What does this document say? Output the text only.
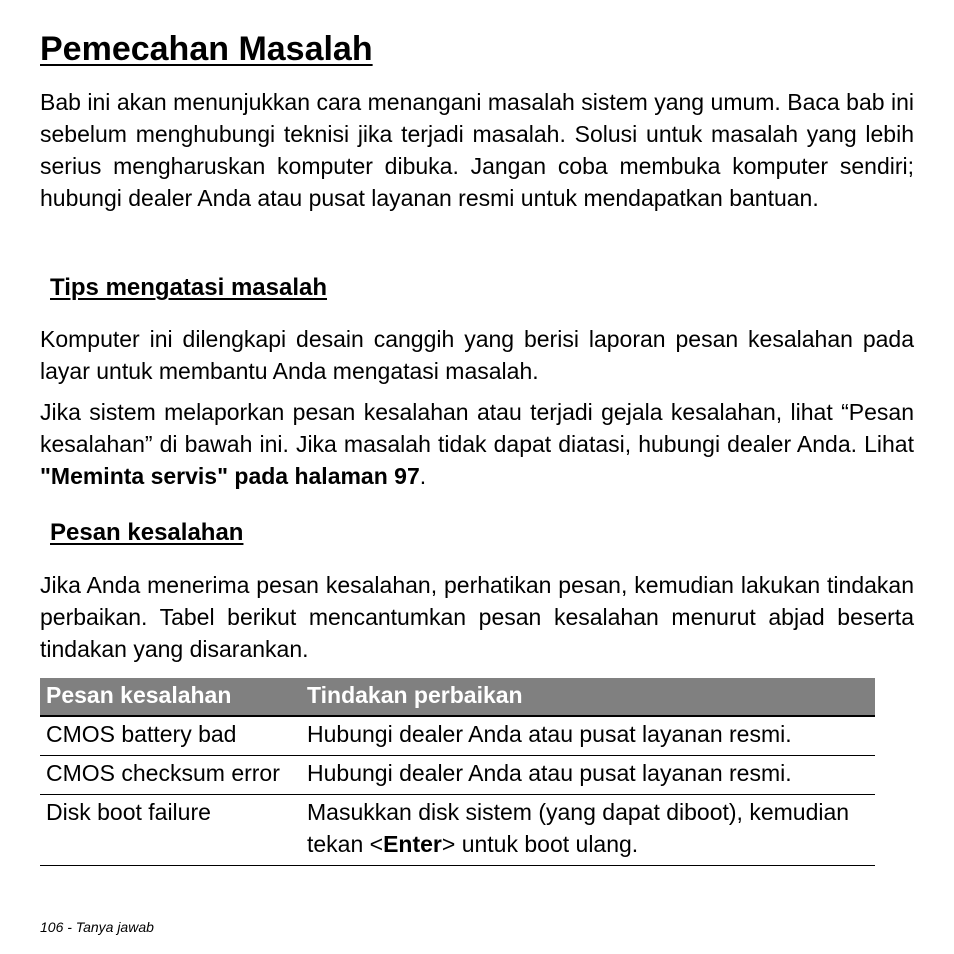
Pemecahan Masalah

Bab ini akan menunjukkan cara menangani masalah sistem yang umum. Baca bab ini sebelum menghubungi teknisi jika terjadi masalah. Solusi untuk masalah yang lebih serius mengharuskan komputer dibuka. Jangan coba membuka komputer sendiri; hubungi dealer Anda atau pusat layanan resmi untuk mendapatkan bantuan.

Tips mengatasi masalah

Komputer ini dilengkapi desain canggih yang berisi laporan pesan kesalahan pada layar untuk membantu Anda mengatasi masalah.

Jika sistem melaporkan pesan kesalahan atau terjadi gejala kesalahan, lihat “Pesan kesalahan” di bawah ini. Jika masalah tidak dapat diatasi, hubungi dealer Anda. Lihat "Meminta servis" pada halaman 97.

Pesan kesalahan

Jika Anda menerima pesan kesalahan, perhatikan pesan, kemudian lakukan tindakan perbaikan. Tabel berikut mencantumkan pesan kesalahan menurut abjad beserta tindakan yang disarankan.

Pesan kesalahan	Tindakan perbaikan
CMOS battery bad	Hubungi dealer Anda atau pusat layanan resmi.
CMOS checksum error	Hubungi dealer Anda atau pusat layanan resmi.
Disk boot failure	Masukkan disk sistem (yang dapat diboot), kemudian tekan <Enter> untuk boot ulang.
106 - Tanya jawab
